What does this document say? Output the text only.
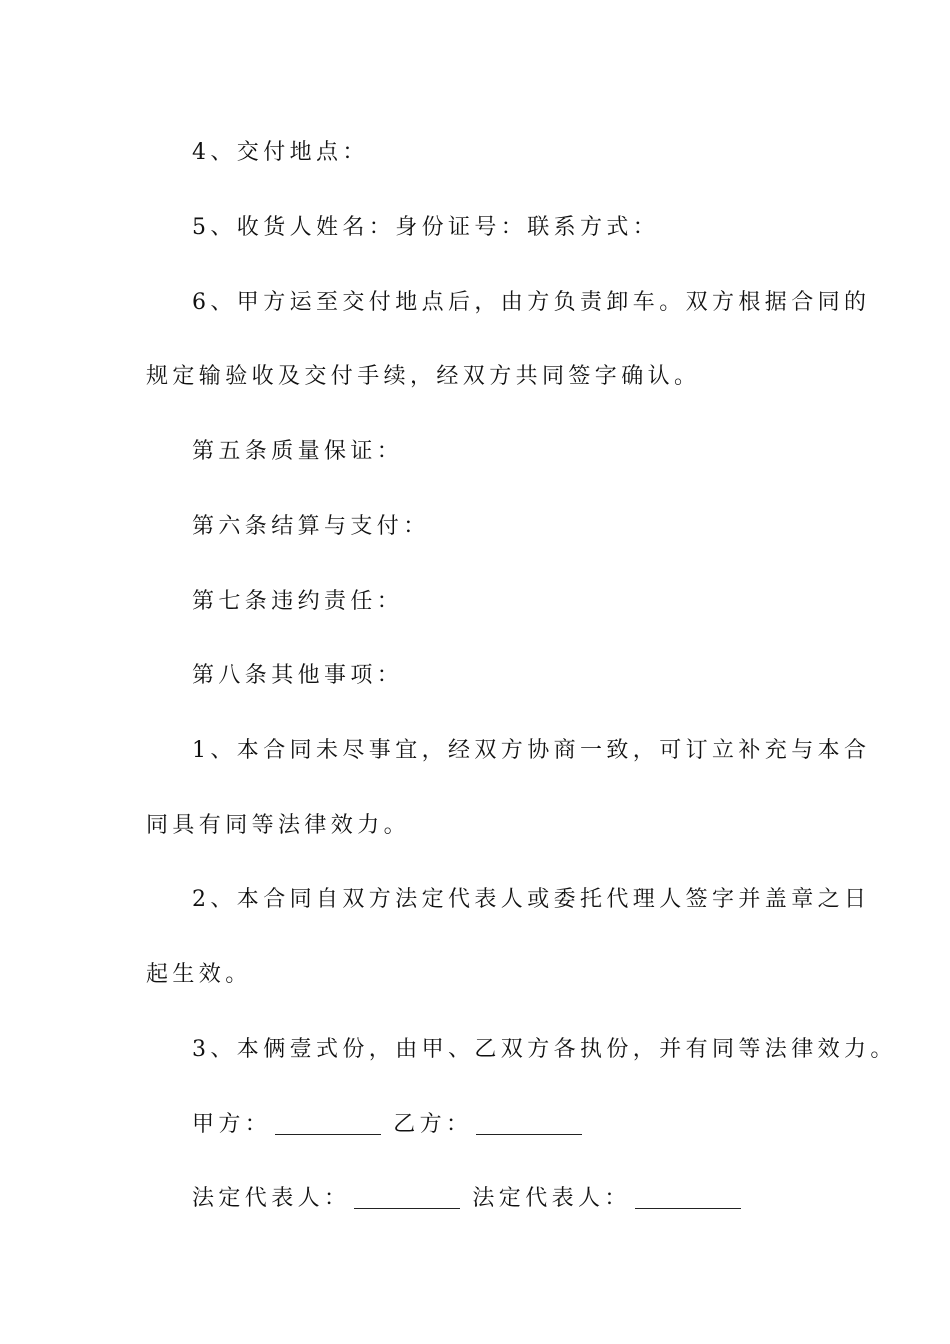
4、交付地点：
5、收货人姓名：身份证号：联系方式：
6、甲方运至交付地点后，由方负责卸车。双方根据合同的
规定输验收及交付手续，经双方共同签字确认。
第五条质量保证：
第六条结算与支付：
第七条违约责任：
第八条其他事项：
1、本合同未尽事宜，经双方协商一致，可订立补充与本合
同具有同等法律效力。
2、本合同自双方法定代表人或委托代理人签字并盖章之日
起生效。
3、本俩壹式份，由甲、乙双方各执份，并有同等法律效力。
甲方：	乙方：
法定代表人：	法定代表人：
